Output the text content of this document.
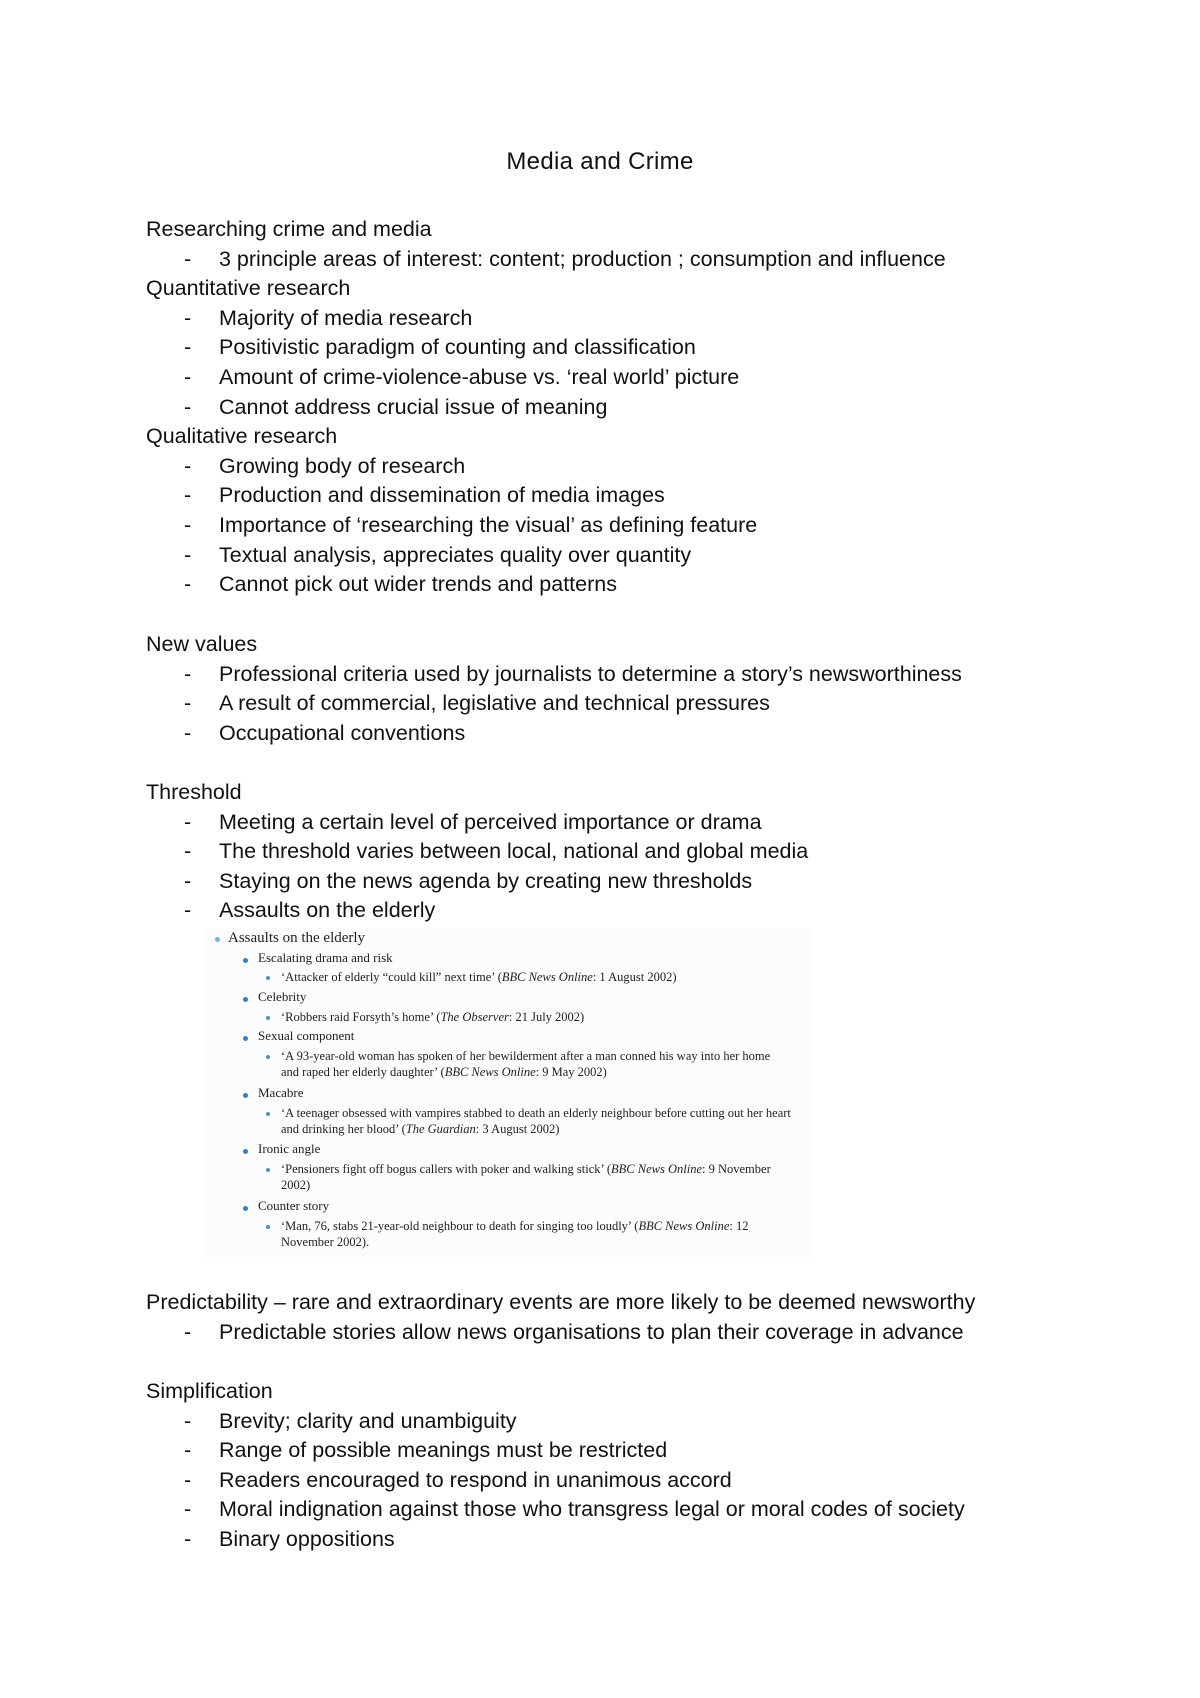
Media and Crime
Researching crime and media
- 3 principle areas of interest: content; production ; consumption and influence
Quantitative research
- Majority of media research
- Positivistic paradigm of counting and classification
- Amount of crime-violence-abuse vs. ‘real world’ picture
- Cannot address crucial issue of meaning
Qualitative research
- Growing body of research
- Production and dissemination of media images
- Importance of ‘researching the visual’ as defining feature
- Textual analysis, appreciates quality over quantity
- Cannot pick out wider trends and patterns
New values
- Professional criteria used by journalists to determine a story’s newsworthiness
- A result of commercial, legislative and technical pressures
- Occupational conventions
Threshold
- Meeting a certain level of perceived importance or drama
- The threshold varies between local, national and global media
- Staying on the news agenda by creating new thresholds
- Assaults on the elderly
Assaults on the elderly
Escalating drama and risk
‘Attacker of elderly “could kill” next time’ (BBC News Online: 1 August 2002)
Celebrity
‘Robbers raid Forsyth’s home’ (The Observer: 21 July 2002)
Sexual component
‘A 93-year-old woman has spoken of her bewilderment after a man conned his way into her home and raped her elderly daughter’ (BBC News Online: 9 May 2002)
Macabre
‘A teenager obsessed with vampires stabbed to death an elderly neighbour before cutting out her heart and drinking her blood’ (The Guardian: 3 August 2002)
Ironic angle
‘Pensioners fight off bogus callers with poker and walking stick’ (BBC News Online: 9 November 2002)
Counter story
‘Man, 76, stabs 21-year-old neighbour to death for singing too loudly’ (BBC News Online: 12 November 2002).
Predictability – rare and extraordinary events are more likely to be deemed newsworthy
- Predictable stories allow news organisations to plan their coverage in advance
Simplification
- Brevity; clarity and unambiguity
- Range of possible meanings must be restricted
- Readers encouraged to respond in unanimous accord
- Moral indignation against those who transgress legal or moral codes of society
- Binary oppositions
